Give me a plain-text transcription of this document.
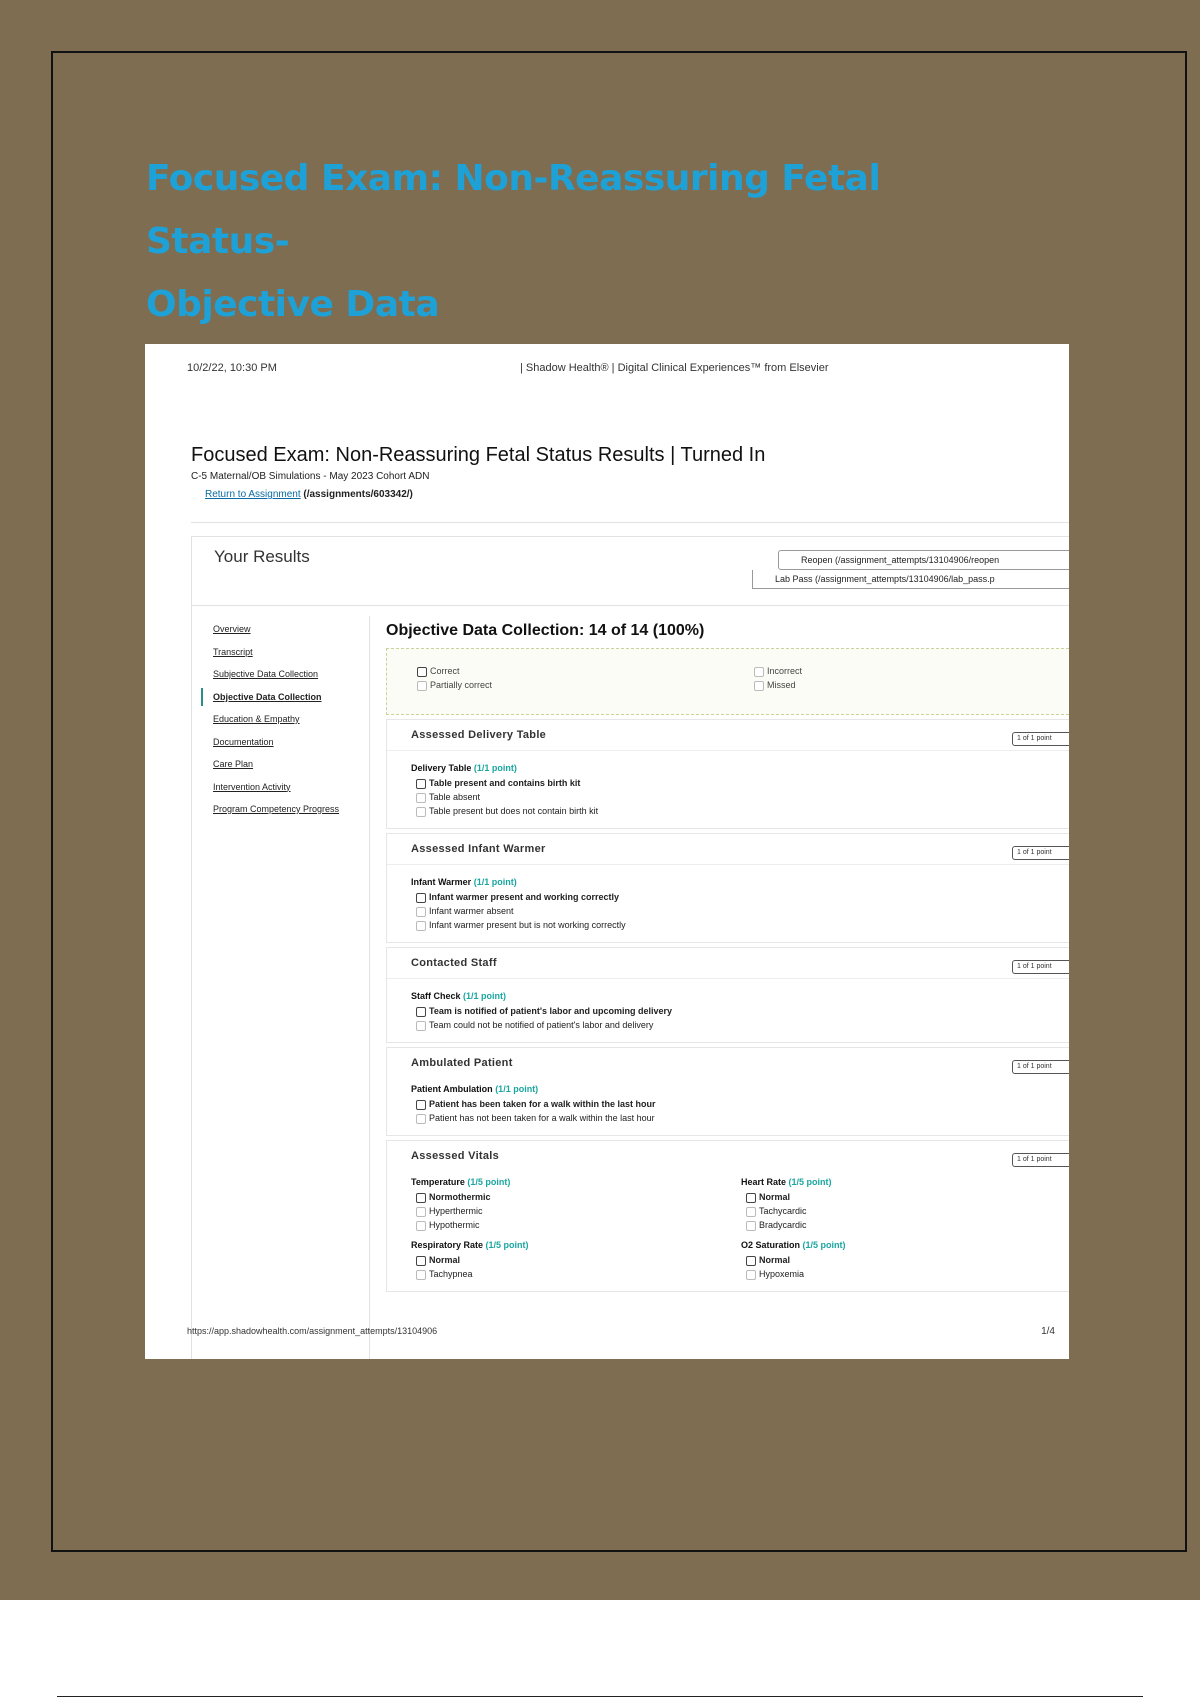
Focused Exam: Non-Reassuring Fetal Status-
Objective Data
10/2/22, 10:30 PM	| Shadow Health® | Digital Clinical Experiences™ from Elsevier
Focused Exam: Non-Reassuring Fetal Status Results | Turned In
C-5 Maternal/OB Simulations - May 2023 Cohort ADN
Return to Assignment (/assignments/603342/)
Your Results	Reopen (/assignment_attempts/13104906/reopen
Lab Pass (/assignment_attempts/13104906/lab_pass.p
Overview
Transcript
Subjective Data Collection
Objective Data Collection
Education & Empathy
Documentation
Care Plan
Intervention Activity
Program Competency Progress
Objective Data Collection: 14 of 14 (100%)
Correct
Partially correct
Incorrect
Missed
Assessed Delivery Table	1 of 1 point
Delivery Table (1/1 point)
Table present and contains birth kit
Table absent
Table present but does not contain birth kit
Assessed Infant Warmer	1 of 1 point
Infant Warmer (1/1 point)
Infant warmer present and working correctly
Infant warmer absent
Infant warmer present but is not working correctly
Contacted Staff	1 of 1 point
Staff Check (1/1 point)
Team is notified of patient's labor and upcoming delivery
Team could not be notified of patient's labor and delivery
Ambulated Patient	1 of 1 point
Patient Ambulation (1/1 point)
Patient has been taken for a walk within the last hour
Patient has not been taken for a walk within the last hour
Assessed Vitals	1 of 1 point
Temperature (1/5 point)
Normothermic
Hyperthermic
Hypothermic
Heart Rate (1/5 point)
Normal
Tachycardic
Bradycardic
Respiratory Rate (1/5 point)
Normal
Tachypnea
O2 Saturation (1/5 point)
Normal
Hypoxemia
https://app.shadowhealth.com/assignment_attempts/13104906	1/4
